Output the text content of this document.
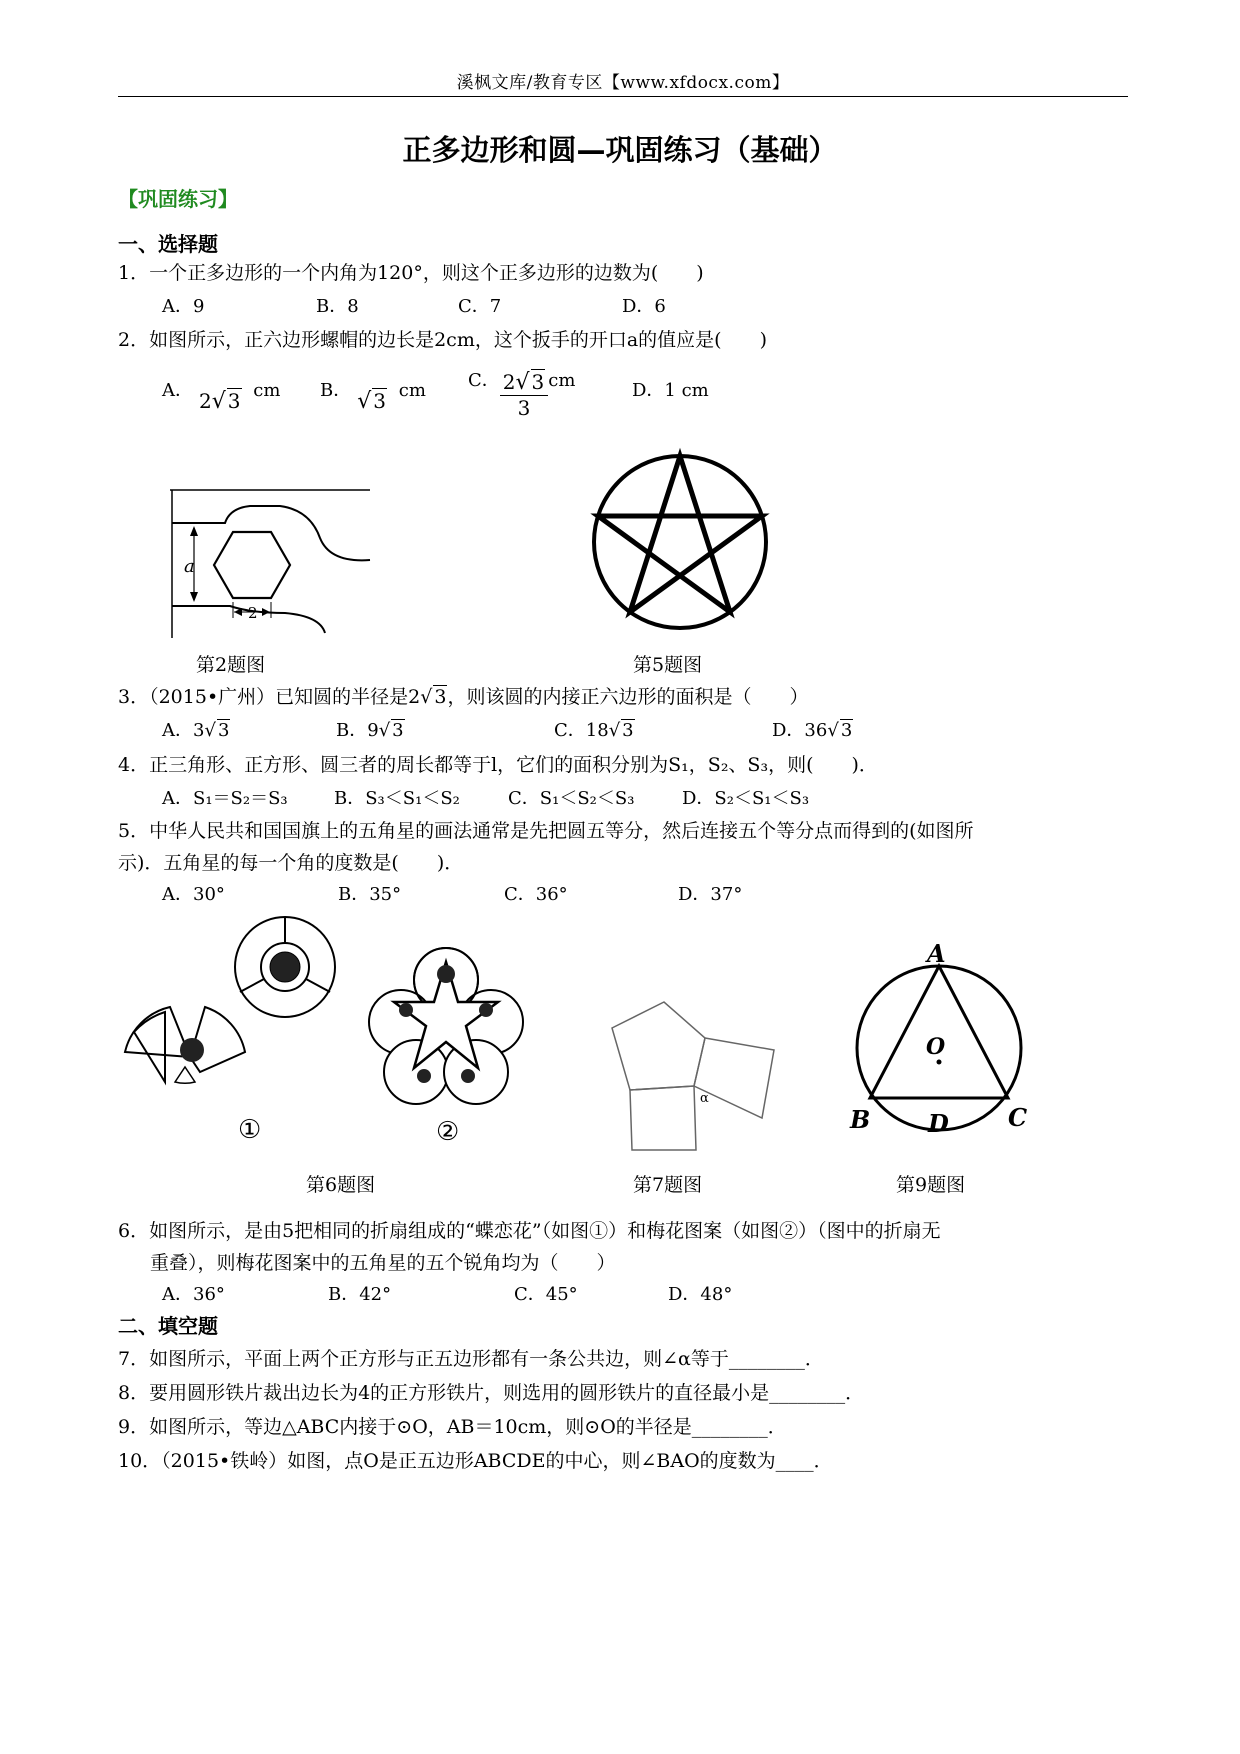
溪枫文库/教育专区【www.xfdocx.com】
正多边形和圆—巩固练习（基础）
【巩固练习】
一、选择题
1．一个正多边形的一个内角为120°，则这个正多边形的边数为(　　)
A．9	B．8	C．7	D．6
2．如图所示，正六边形螺帽的边长是2cm，这个扳手的开口a的值应是(　　)
A． 2√ 3 cm B． √ 3 cm C． $\frac{2√ 3}{3}$ cm	D．1 cm
a
2
第2题图	第5题图
3．（2015•广州）已知圆的半径是2√ 3，则该圆的内接正六边形的面积是（　　）
A．3√ 3	B．9√ 3	C．18√ 3	D．36√ 3
4．正三角形、正方形、圆三者的周长都等于l，它们的面积分别为S₁，S₂、S₃，则(　　)．
A．S₁＝S₂＝S₃	B．S₃＜S₁＜S₂	C．S₁＜S₂＜S₃	D．S₂＜S₁＜S₃
5．中华人民共和国国旗上的五角星的画法通常是先把圆五等分，然后连接五个等分点而得到的(如图所
示)．五角星的每一个角的度数是(　　)．
A．30°	B．35°	C．36°	D．37°
①	②
第6题图
α
第7题图
A
O
B D C
第9题图
6．如图所示，是由5把相同的折扇组成的“蝶恋花”（如图①）和梅花图案（如图②）（图中的折扇无
重叠），则梅花图案中的五角星的五个锐角均为（　　）
A．36°	B．42°	C．45°	D．48°
二、填空题
7．如图所示，平面上两个正方形与正五边形都有一条公共边，则∠α等于________．
8．要用圆形铁片裁出边长为4的正方形铁片，则选用的圆形铁片的直径最小是________．
9．如图所示，等边△ABC内接于⊙O，AB＝10cm，则⊙O的半径是________．
10．（2015•铁岭）如图，点O是正五边形ABCDE的中心，则∠BAO的度数为____．
